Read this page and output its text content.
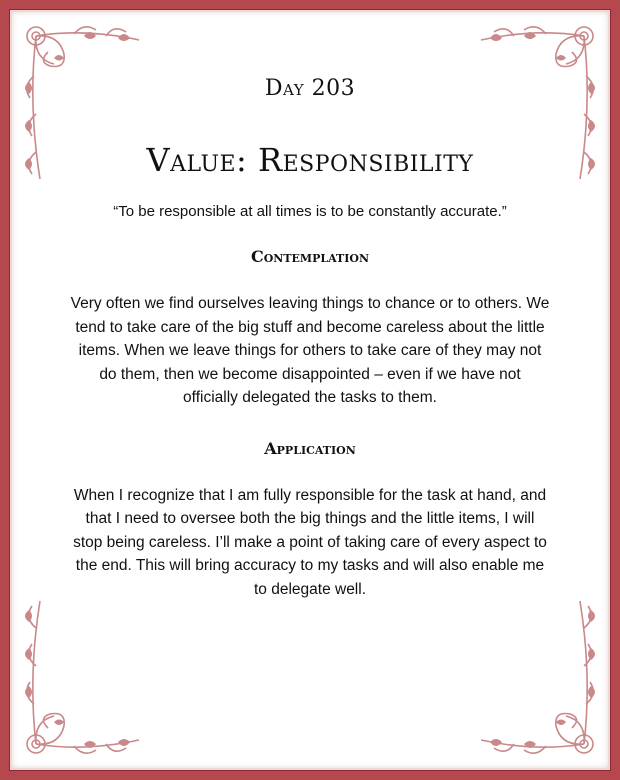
Day 203
Value: Responsibility

“To be responsible at all times is to be constantly accurate.”

Contemplation

Very often we find ourselves leaving things to chance or to others. We tend to take care of the big stuff and become careless about the little items. When we leave things for others to take care of they may not do them, then we become disappointed – even if we have not officially delegated the tasks to them.

Application

When I recognize that I am fully responsible for the task at hand, and that I need to oversee both the big things and the little items, I will stop being careless. I’ll make a point of taking care of every aspect to the end. This will bring accuracy to my tasks and will also enable me to delegate well.
